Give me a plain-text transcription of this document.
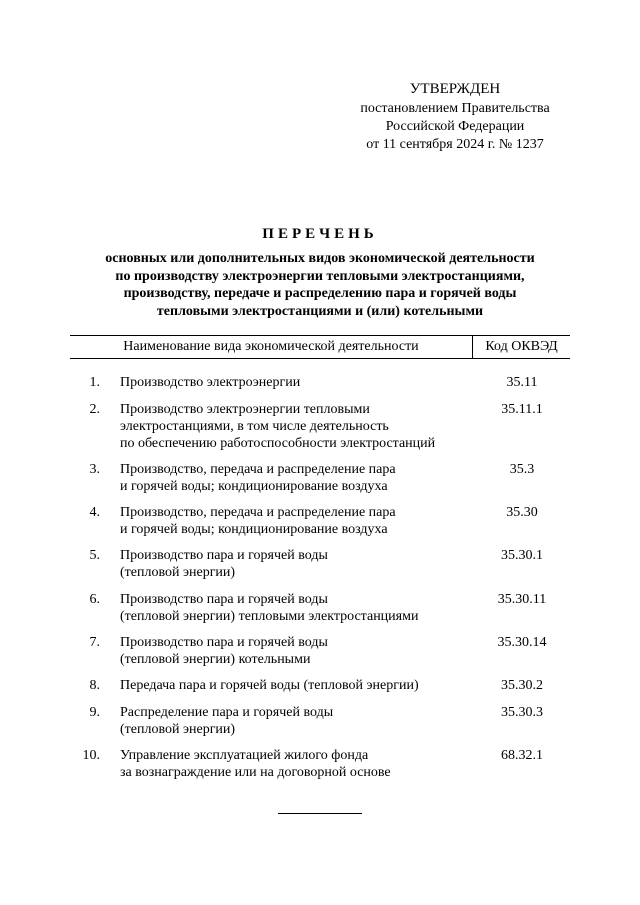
УТВЕРЖДЕН
постановлением Правительства
Российской Федерации
от 11 сентября 2024 г. № 1237
ПЕРЕЧЕНЬ
основных или дополнительных видов экономической деятельности
по производству электроэнергии тепловыми электростанциями,
производству, передаче и распределению пара и горячей воды
тепловыми электростанциями и (или) котельными
Наименование вида экономической деятельности	Код ОКВЭД
1. Производство электроэнергии	35.11
2. Производство электроэнергии тепловыми
электростанциями, в том числе деятельность
по обеспечению работоспособности электростанций
35.11.1
3. Производство, передача и распределение пара
и горячей воды; кондиционирование воздуха
35.3
4. Производство, передача и распределение пара
и горячей воды; кондиционирование воздуха
35.30
5. Производство пара и горячей воды
(тепловой энергии)
35.30.1
6. Производство пара и горячей воды
(тепловой энергии) тепловыми электростанциями
35.30.11
7. Производство пара и горячей воды
(тепловой энергии) котельными
35.30.14
8. Передача пара и горячей воды (тепловой энергии)	35.30.2
9. Распределение пара и горячей воды
(тепловой энергии)
35.30.3
10. Управление эксплуатацией жилого фонда
за вознаграждение или на договорной основе
68.32.1
